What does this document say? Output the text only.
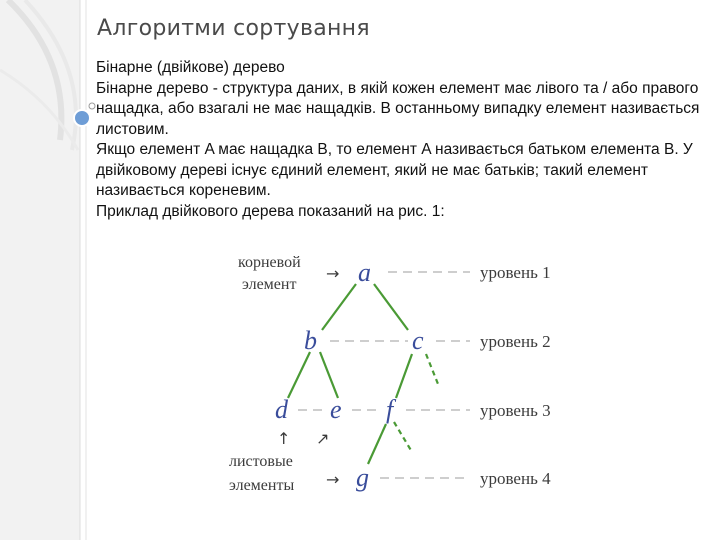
Алгоритми сортування

Бінарне (двійкове) дерево

Бінарне дерево - структура даних, в якій кожен елемент має лівого та / або правого нащадка, або взагалі не має нащадків. В останньому випадку елемент називається листовим.

Якщо елемент A має нащадка B, то елемент A називається батьком елемента B. У двійковому дереві існує єдиний елемент, який не має батьків; такий елемент називається кореневим.

Приклад двійкового дерева показаний на рис. 1:

a
b	c
d e f
g
уровень 1
уровень 2
уровень 3
уровень 4
корневой
элемент
→
↑ ↗
листовые
элементы →
